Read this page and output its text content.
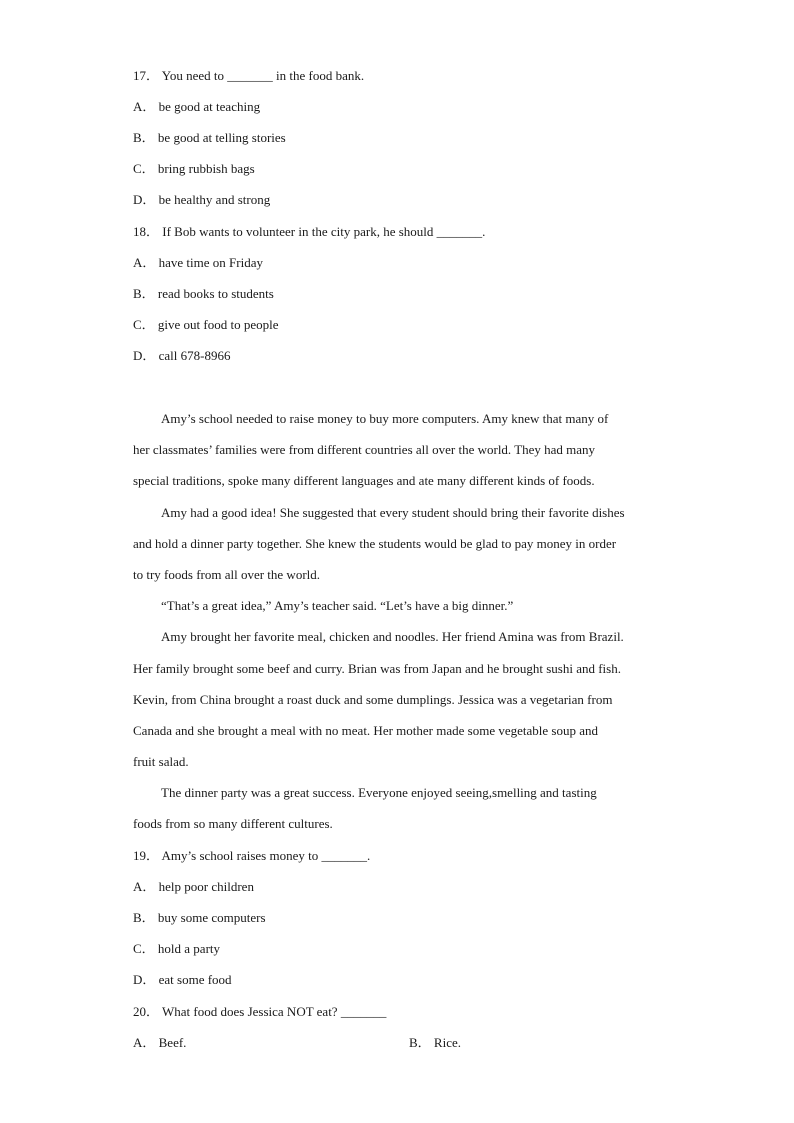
17． You need to _______ in the food bank.
A． be good at teaching
B． be good at telling stories
C． bring rubbish bags
D． be healthy and strong
18． If Bob wants to volunteer in the city park, he should _______.
A． have time on Friday
B． read books to students
C． give out food to people
D． call 678-8966
Amy’s school needed to raise money to buy more computers. Amy knew that many of
her classmates’ families were from different countries all over the world. They had many
special traditions, spoke many different languages and ate many different kinds of foods.
Amy had a good idea! She suggested that every student should bring their favorite dishes
and hold a dinner party together. She knew the students would be glad to pay money in order
to try foods from all over the world.
“That’s a great idea,” Amy’s teacher said. “Let’s have a big dinner.”
Amy brought her favorite meal, chicken and noodles. Her friend Amina was from Brazil.
Her family brought some beef and curry. Brian was from Japan and he brought sushi and fish.
Kevin, from China brought a roast duck and some dumplings. Jessica was a vegetarian from
Canada and she brought a meal with no meat. Her mother made some vegetable soup and
fruit salad.
The dinner party was a great success. Everyone enjoyed seeing,smelling and tasting
foods from so many different cultures.
19． Amy’s school raises money to _______.
A． help poor children
B． buy some computers
C． hold a party
D． eat some food
20． What food does Jessica NOT eat? _______
A． Beef.	B． Rice.
